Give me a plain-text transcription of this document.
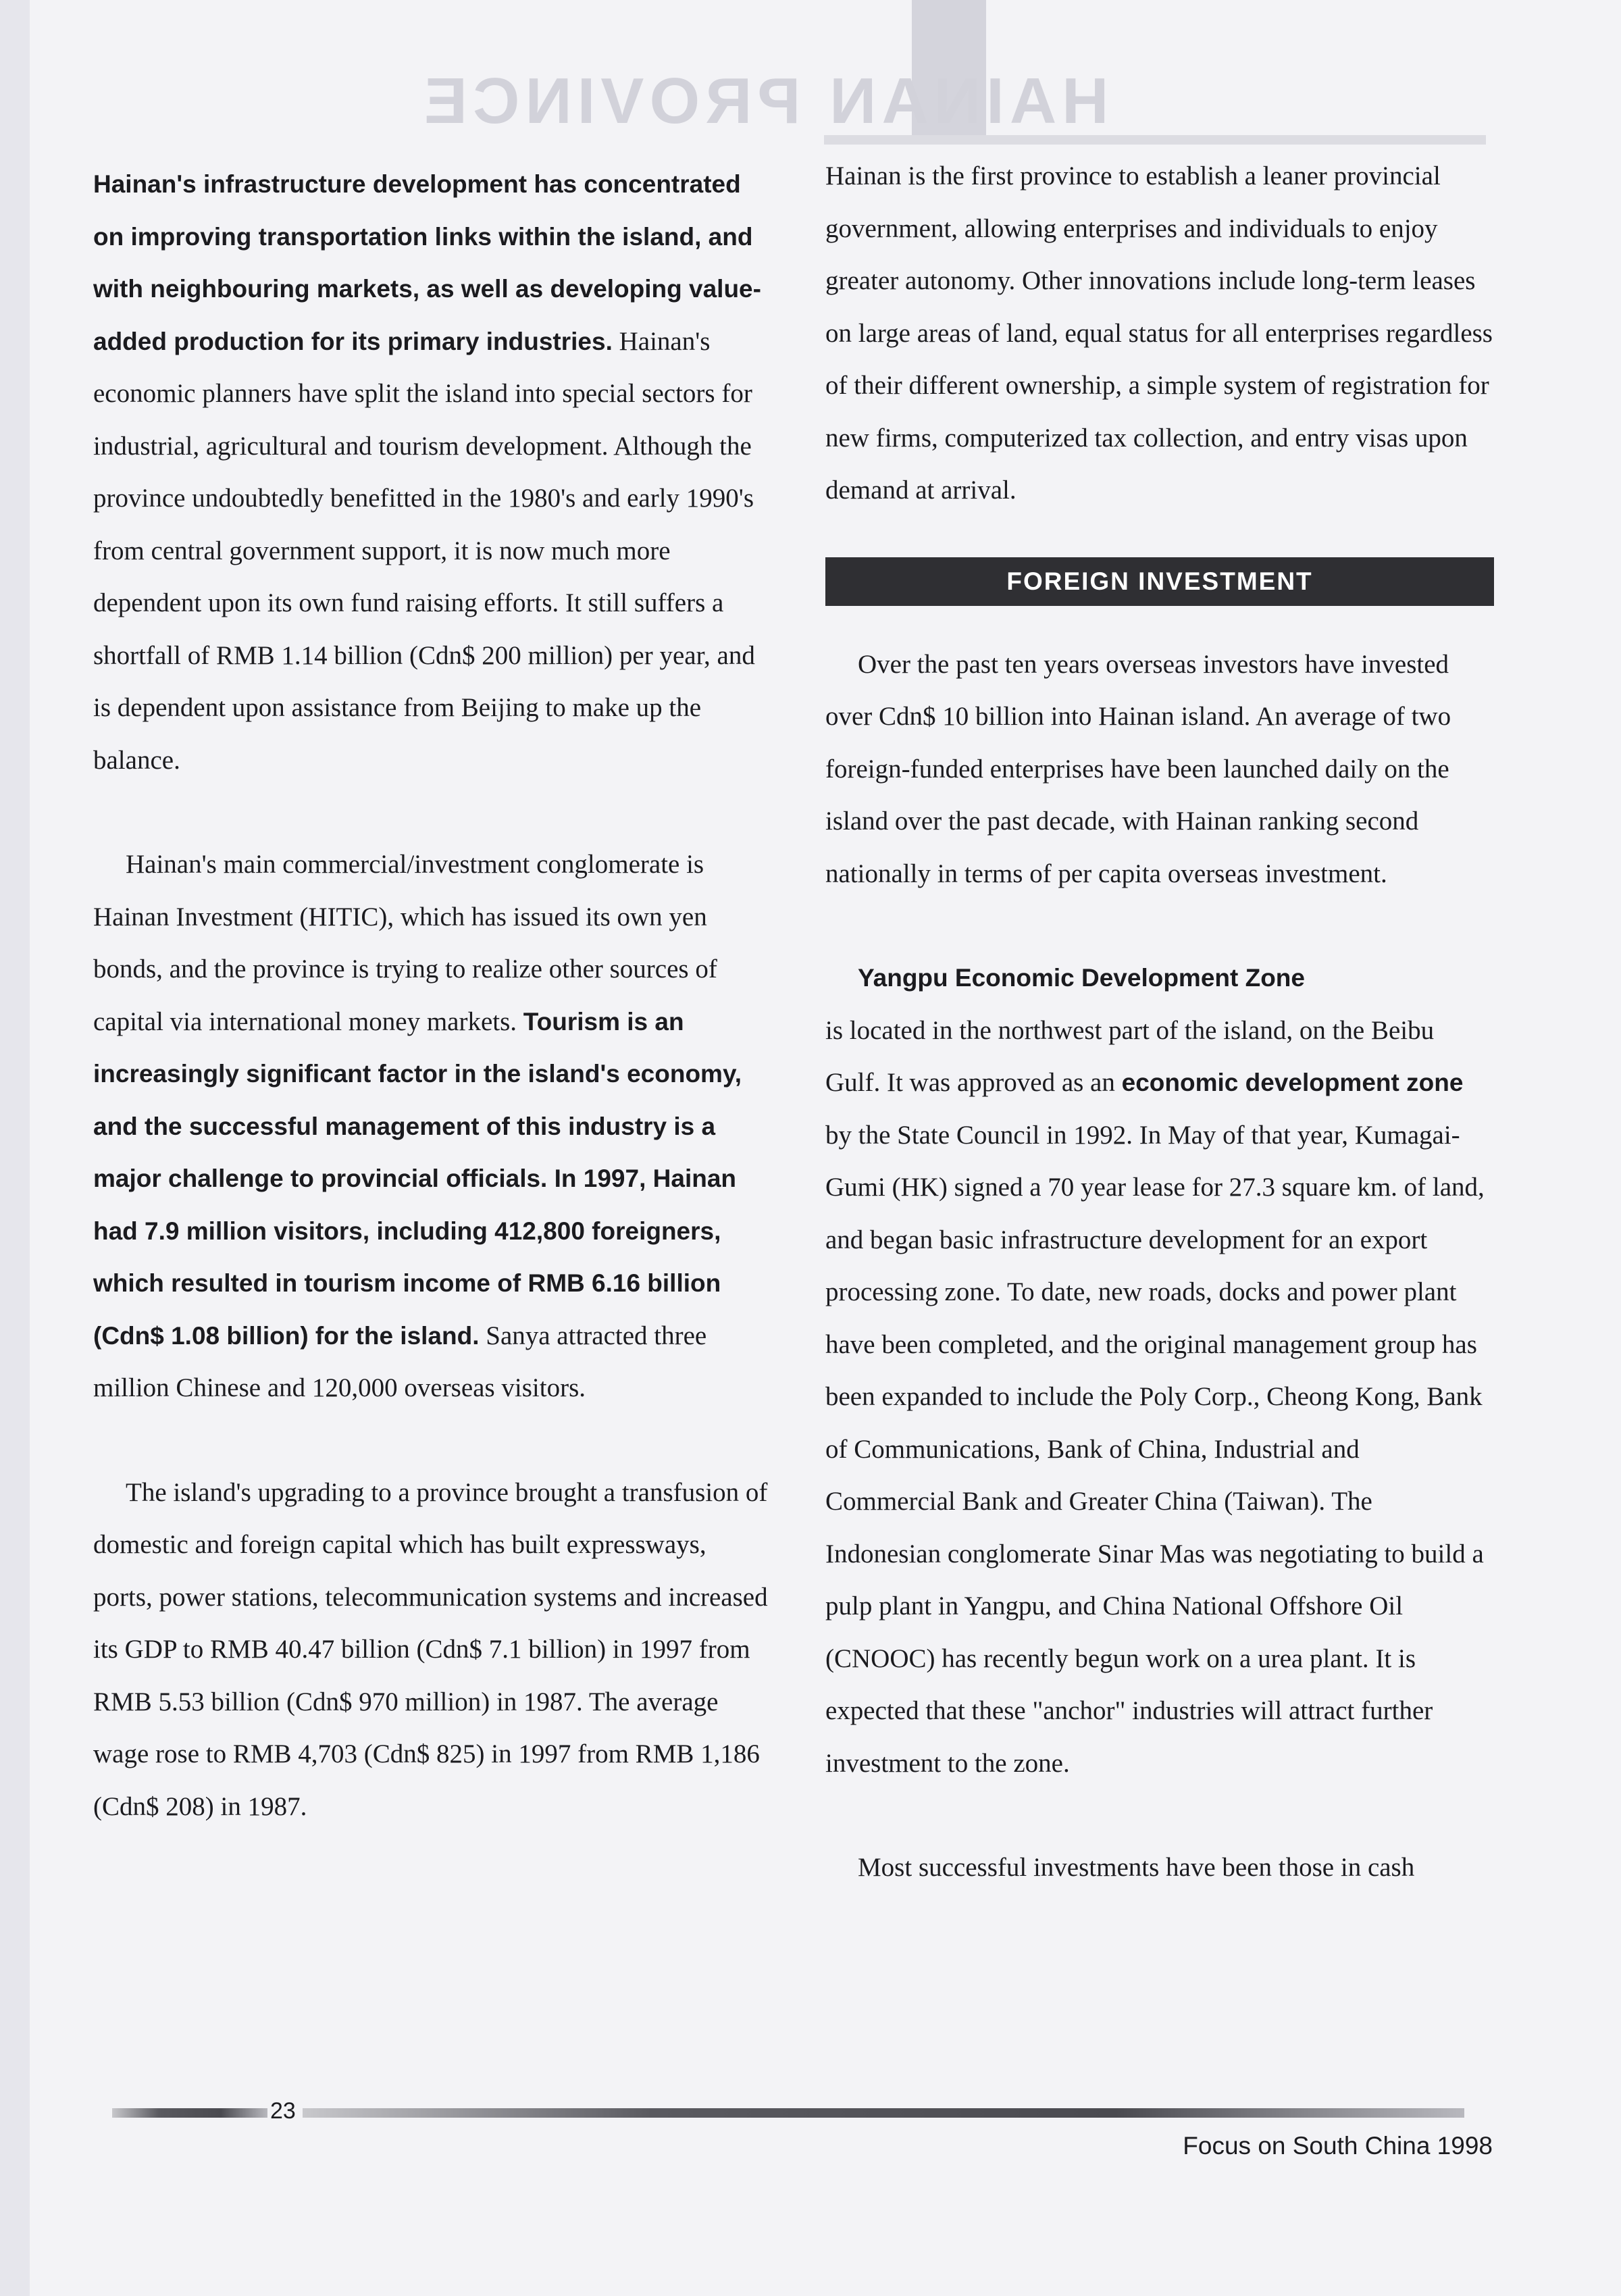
HAINAN PROVINCE

Hainan's infrastructure development has concentrated on improving transportation links within the island, and with neighbouring markets, as well as developing value-added production for its primary industries. Hainan's economic planners have split the island into special sectors for industrial, agricultural and tourism development. Although the province undoubtedly benefitted in the 1980's and early 1990's from central government support, it is now much more dependent upon its own fund raising efforts. It still suffers a shortfall of RMB 1.14 billion (Cdn$ 200 million) per year, and is dependent upon assistance from Beijing to make up the balance.

Hainan's main commercial/investment conglomerate is Hainan Investment (HITIC), which has issued its own yen bonds, and the province is trying to realize other sources of capital via international money markets. Tourism is an increasingly significant factor in the island's economy, and the successful management of this industry is a major challenge to provincial officials. In 1997, Hainan had 7.9 million visitors, including 412,800 foreigners, which resulted in tourism income of RMB 6.16 billion (Cdn$ 1.08 billion) for the island. Sanya attracted three million Chinese and 120,000 overseas visitors.

The island's upgrading to a province brought a transfusion of domestic and foreign capital which has built expressways, ports, power stations, telecommunication systems and increased its GDP to RMB 40.47 billion (Cdn$ 7.1 billion) in 1997 from RMB 5.53 billion (Cdn$ 970 million) in 1987. The average wage rose to RMB 4,703 (Cdn$ 825) in 1997 from RMB 1,186 (Cdn$ 208) in 1987.

Hainan is the first province to establish a leaner provincial government, allowing enterprises and individuals to enjoy greater autonomy. Other innovations include long-term leases on large areas of land, equal status for all enterprises regardless of their different ownership, a simple system of registration for new firms, computerized tax collection, and entry visas upon demand at arrival.

FOREIGN INVESTMENT

Over the past ten years overseas investors have invested over Cdn$ 10 billion into Hainan island. An average of two foreign-funded enterprises have been launched daily on the island over the past decade, with Hainan ranking second nationally in terms of per capita overseas investment.

Yangpu Economic Development Zone
is located in the northwest part of the island, on the Beibu Gulf. It was approved as an economic development zone by the State Council in 1992. In May of that year, Kumagai-Gumi (HK) signed a 70 year lease for 27.3 square km. of land, and began basic infrastructure development for an export processing zone. To date, new roads, docks and power plant have been completed, and the original management group has been expanded to include the Poly Corp., Cheong Kong, Bank of Communications, Bank of China, Industrial and Commercial Bank and Greater China (Taiwan). The Indonesian conglomerate Sinar Mas was negotiating to build a pulp plant in Yangpu, and China National Offshore Oil (CNOOC) has recently begun work on a urea plant. It is expected that these "anchor" industries will attract further investment to the zone.

Most successful investments have been those in cash

23
Focus on South China 1998
